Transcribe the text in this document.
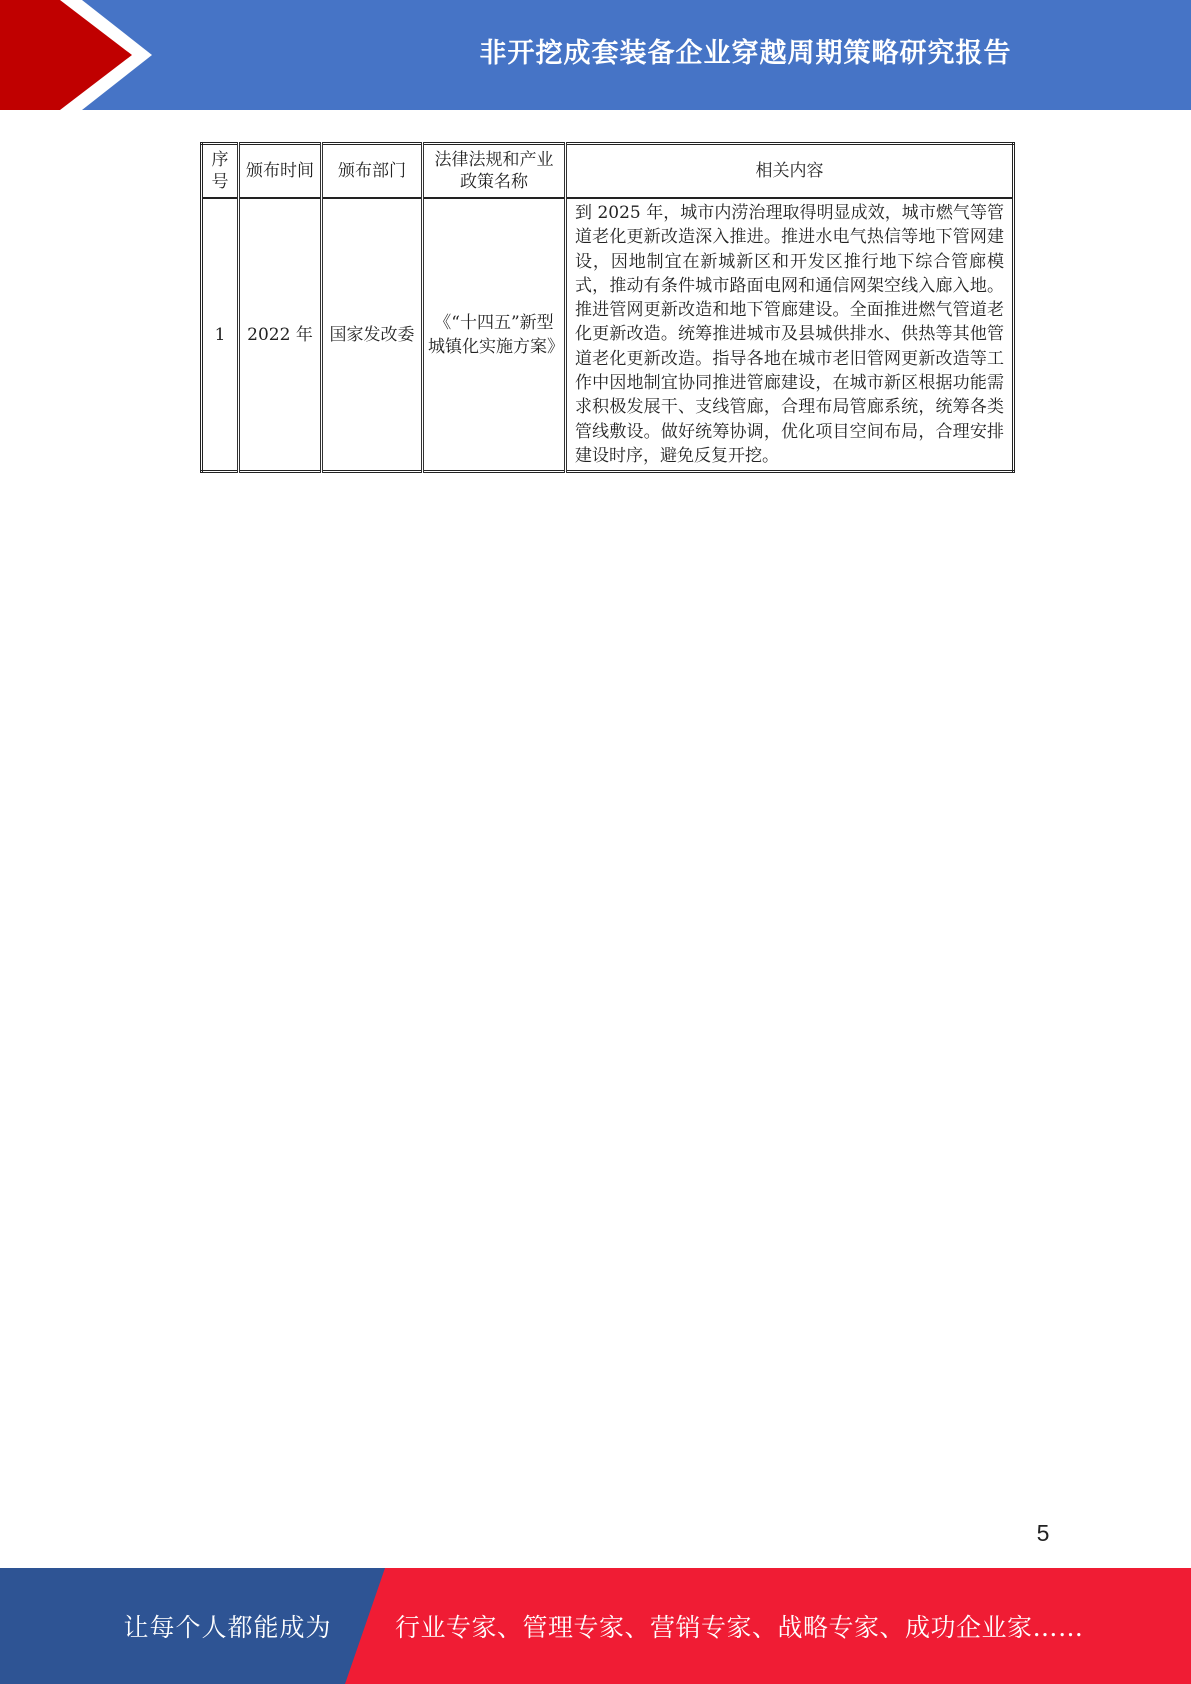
非开挖成套装备企业穿越周期策略研究报告
序号	颁布时间	颁布部门	法律法规和产业政策名称	相关内容
1	2022 年	国家发改委	《“十四五”新型城镇化实施方案》	到 2025 年，城市内涝治理取得明显成效，城市燃气等管道老化更新改造深入推进。推进水电气热信等地下管网建设，因地制宜在新城新区和开发区推行地下综合管廊模式，推动有条件城市路面电网和通信网架空线入廊入地。推进管网更新改造和地下管廊建设。全面推进燃气管道老化更新改造。统筹推进城市及县城供排水、供热等其他管道老化更新改造。指导各地在城市老旧管网更新改造等工作中因地制宜协同推进管廊建设，在城市新区根据功能需求积极发展干、支线管廊，合理布局管廊系统，统筹各类管线敷设。做好统筹协调，优化项目空间布局，合理安排建设时序，避免反复开挖。
5
让每个人都能成为	行业专家、管理专家、营销专家、战略专家、成功企业家……
